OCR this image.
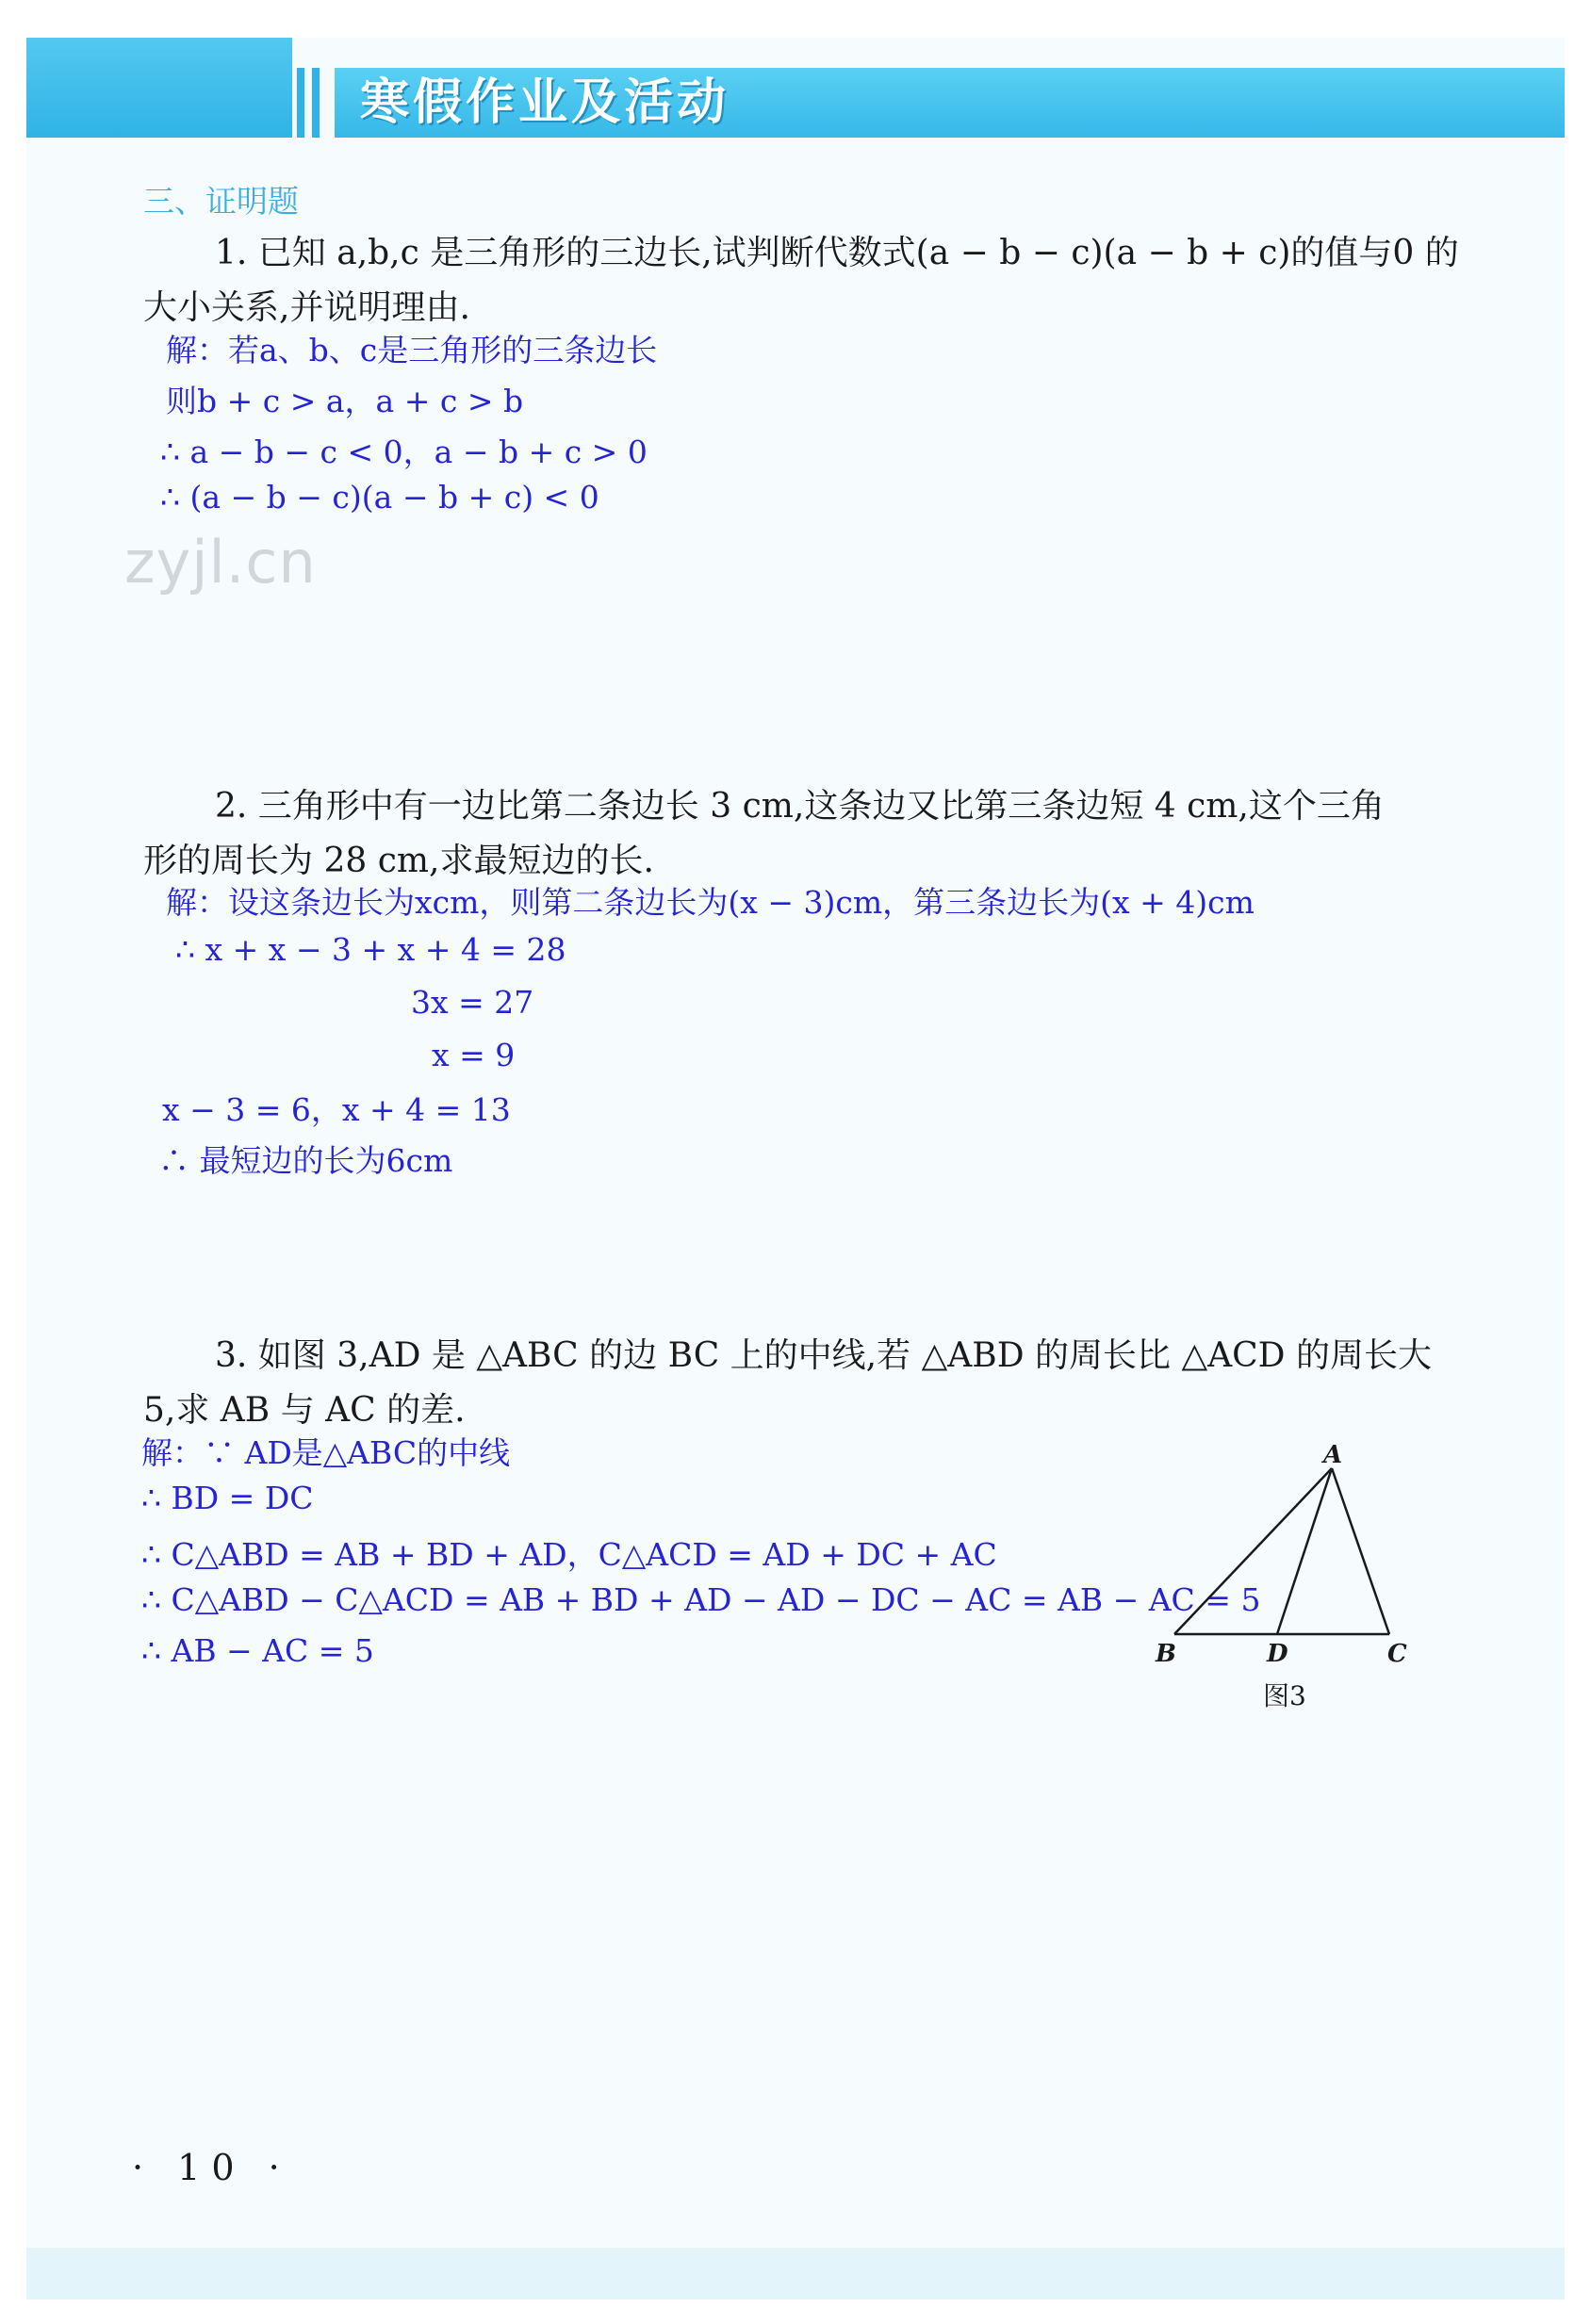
寒假作业及活动
三、证明题
1. 已知 a,b,c 是三角形的三边长,试判断代数式(a − b − c)(a − b + c)的值与0 的
大小关系,并说明理由.
解：若a、b、c是三角形的三条边长
则b + c > a，a + c > b
∴ a − b − c < 0，a − b + c > 0
∴ (a − b − c)(a − b + c) < 0
zyjl.cn
2. 三角形中有一边比第二条边长 3 cm,这条边又比第三条边短 4 cm,这个三角
形的周长为 28 cm,求最短边的长.
解：设这条边长为xcm，则第二条边长为(x − 3)cm，第三条边长为(x + 4)cm
∴ x + x − 3 + x + 4 = 28
3x = 27
x = 9
x − 3 = 6，x + 4 = 13
∴ 最短边的长为6cm
3. 如图 3,AD 是 △ABC 的边 BC 上的中线,若 △ABD 的周长比 △ACD 的周长大
5,求 AB 与 AC 的差.
解：∵ AD是△ABC的中线
∴ BD = DC
∴ C△ABD = AB + BD + AD，C△ACD = AD + DC + AC
∴ C△ABD − C△ACD = AB + BD + AD − AD − DC − AC = AB − AC = 5
∴ AB − AC = 5
A
B	D	C
图3
· 10 ·
